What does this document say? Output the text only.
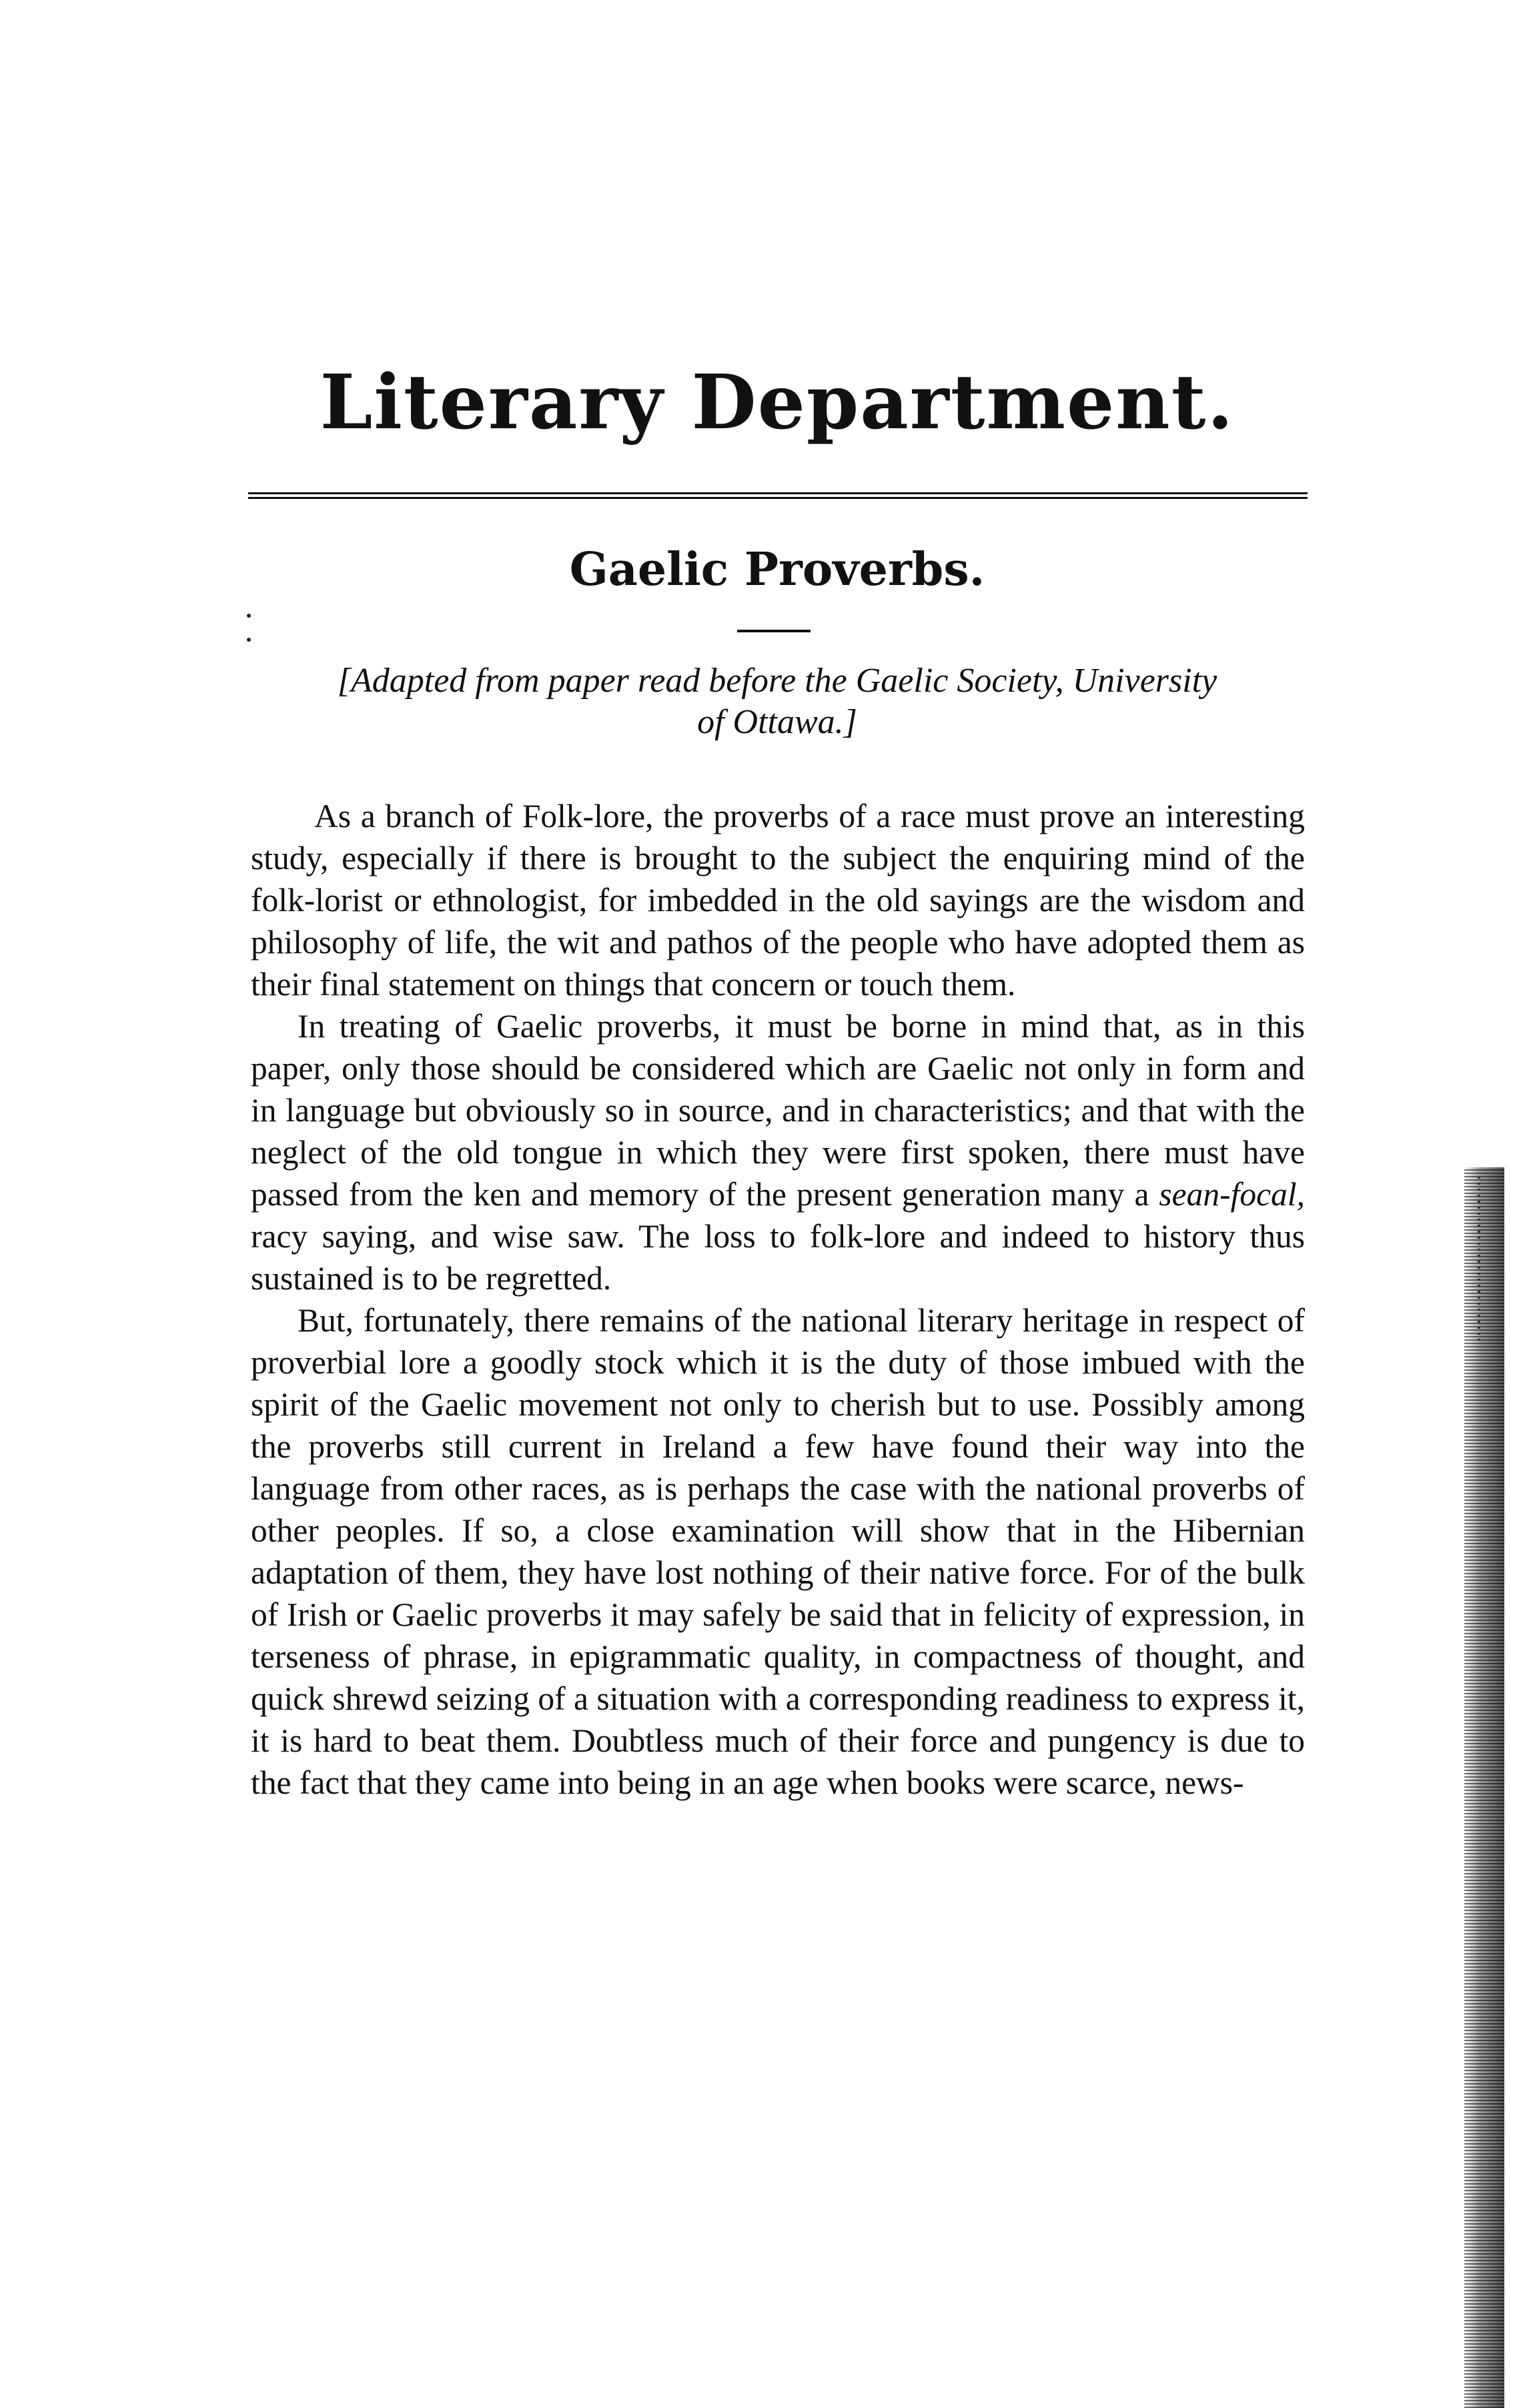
Literary Department.
Gaelic Proverbs.
[Adapted from paper read before the Gaelic Society, University
of Ottawa.]

As a branch of Folk-lore, the proverbs of a race must prove an interesting study, especially if there is brought to the subject the enquiring mind of the folk-lorist or ethnologist, for imbedded in the old sayings are the wisdom and philosophy of life, the wit and pathos of the people who have adopted them as their final statement on things that concern or touch them.

In treating of Gaelic proverbs, it must be borne in mind that, as in this paper, only those should be considered which are Gaelic not only in form and in language but obviously so in source, and in characteristics; and that with the neglect of the old tongue in which they were first spoken, there must have passed from the ken and memory of the present generation many a sean-focal, racy saying, and wise saw. The loss to folk-lore and indeed to history thus sustained is to be regretted.

But, fortunately, there remains of the national literary heritage in respect of proverbial lore a goodly stock which it is the duty of those imbued with the spirit of the Gaelic movement not only to cherish but to use. Possibly among the proverbs still current in Ireland a few have found their way into the language from other races, as is perhaps the case with the national proverbs of other peoples. If so, a close examination will show that in the Hibernian adaptation of them, they have lost nothing of their native force. For of the bulk of Irish or Gaelic proverbs it may safely be said that in felicity of expression, in terseness of phrase, in epigrammatic quality, in compactness of thought, and quick shrewd seizing of a situation with a corresponding readiness to express it, it is hard to beat them. Doubtless much of their force and pungency is due to the fact that they came into being in an age when books were scarce, news-
